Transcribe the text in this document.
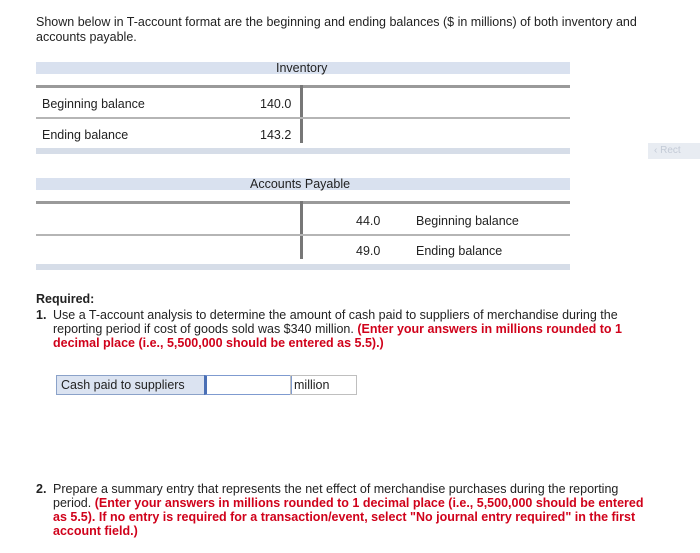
Shown below in T-account format are the beginning and ending balances ($ in millions) of both inventory and accounts payable.
Inventory
Beginning balance	140.0
Ending balance	143.2
‹ Rect
Accounts Payable
44.0	Beginning balance
49.0	Ending balance
Required:
1. Use a T-account analysis to determine the amount of cash paid to suppliers of merchandise during the reporting period if cost of goods sold was $340 million. (Enter your answers in millions rounded to 1 decimal place (i.e., 5,500,000 should be entered as 5.5).)
Cash paid to suppliers	million
2. Prepare a summary entry that represents the net effect of merchandise purchases during the reporting period. (Enter your answers in millions rounded to 1 decimal place (i.e., 5,500,000 should be entered as 5.5). If no entry is required for a transaction/event, select "No journal entry required" in the first account field.)
